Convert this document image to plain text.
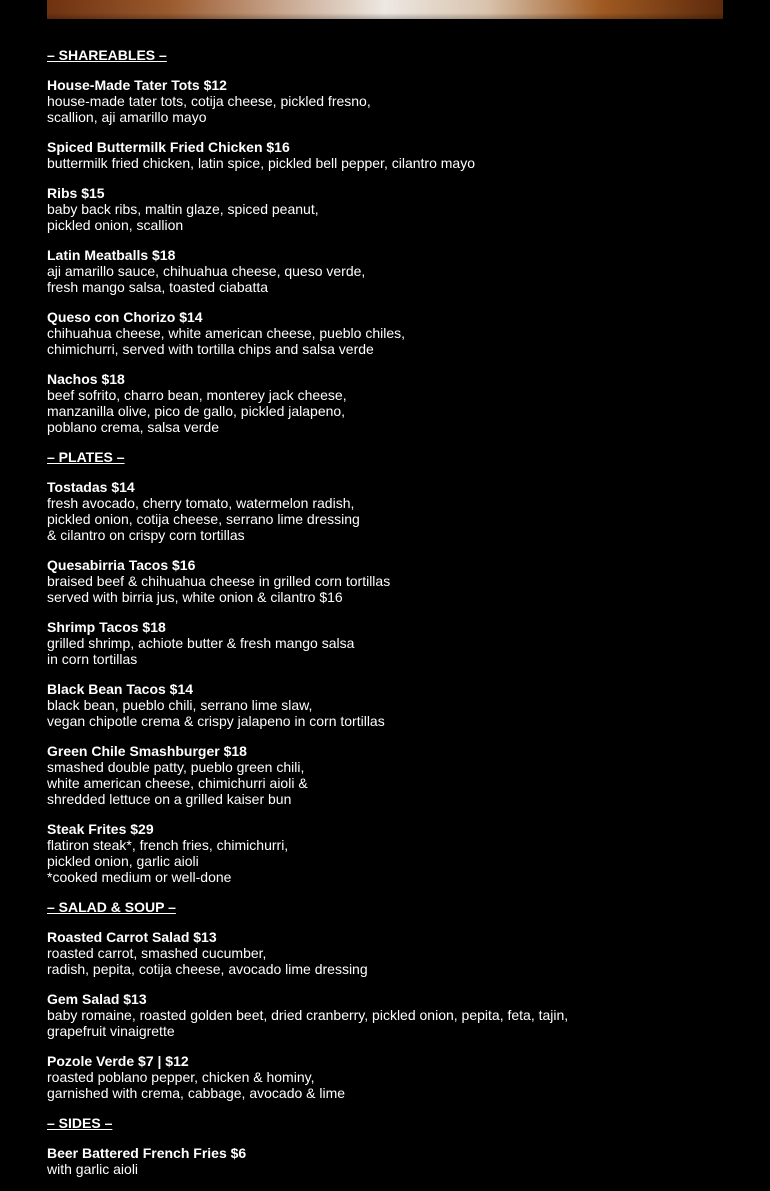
– SHAREABLES –
House-Made Tater Tots $12
house-made tater tots, cotija cheese, pickled fresno,
scallion, aji amarillo mayo
Spiced Buttermilk Fried Chicken $16
buttermilk fried chicken, latin spice, pickled bell pepper, cilantro mayo
Ribs $15
baby back ribs, maltin glaze, spiced peanut,
pickled onion, scallion
Latin Meatballs $18
aji amarillo sauce, chihuahua cheese, queso verde,
fresh mango salsa, toasted ciabatta
Queso con Chorizo $14
chihuahua cheese, white american cheese, pueblo chiles,
chimichurri, served with tortilla chips and salsa verde
Nachos $18
beef sofrito, charro bean, monterey jack cheese,
manzanilla olive, pico de gallo, pickled jalapeno,
poblano crema, salsa verde
– PLATES –
Tostadas $14
fresh avocado, cherry tomato, watermelon radish,
pickled onion, cotija cheese, serrano lime dressing
& cilantro on crispy corn tortillas
Quesabirria Tacos $16
braised beef & chihuahua cheese in grilled corn tortillas
served with birria jus, white onion & cilantro $16
Shrimp Tacos $18
grilled shrimp, achiote butter & fresh mango salsa
in corn tortillas
Black Bean Tacos $14
black bean, pueblo chili, serrano lime slaw,
vegan chipotle crema & crispy jalapeno in corn tortillas
Green Chile Smashburger $18
smashed double patty, pueblo green chili,
white american cheese, chimichurri aioli &
shredded lettuce on a grilled kaiser bun
Steak Frites $29
flatiron steak*, french fries, chimichurri,
pickled onion, garlic aioli
*cooked medium or well-done
– SALAD & SOUP –
Roasted Carrot Salad $13
roasted carrot, smashed cucumber,
radish, pepita, cotija cheese, avocado lime dressing
Gem Salad $13
baby romaine, roasted golden beet, dried cranberry, pickled onion, pepita, feta, tajin,
grapefruit vinaigrette
Pozole Verde $7 | $12
roasted poblano pepper, chicken & hominy,
garnished with crema, cabbage, avocado & lime
– SIDES –
Beer Battered French Fries $6
with garlic aioli
